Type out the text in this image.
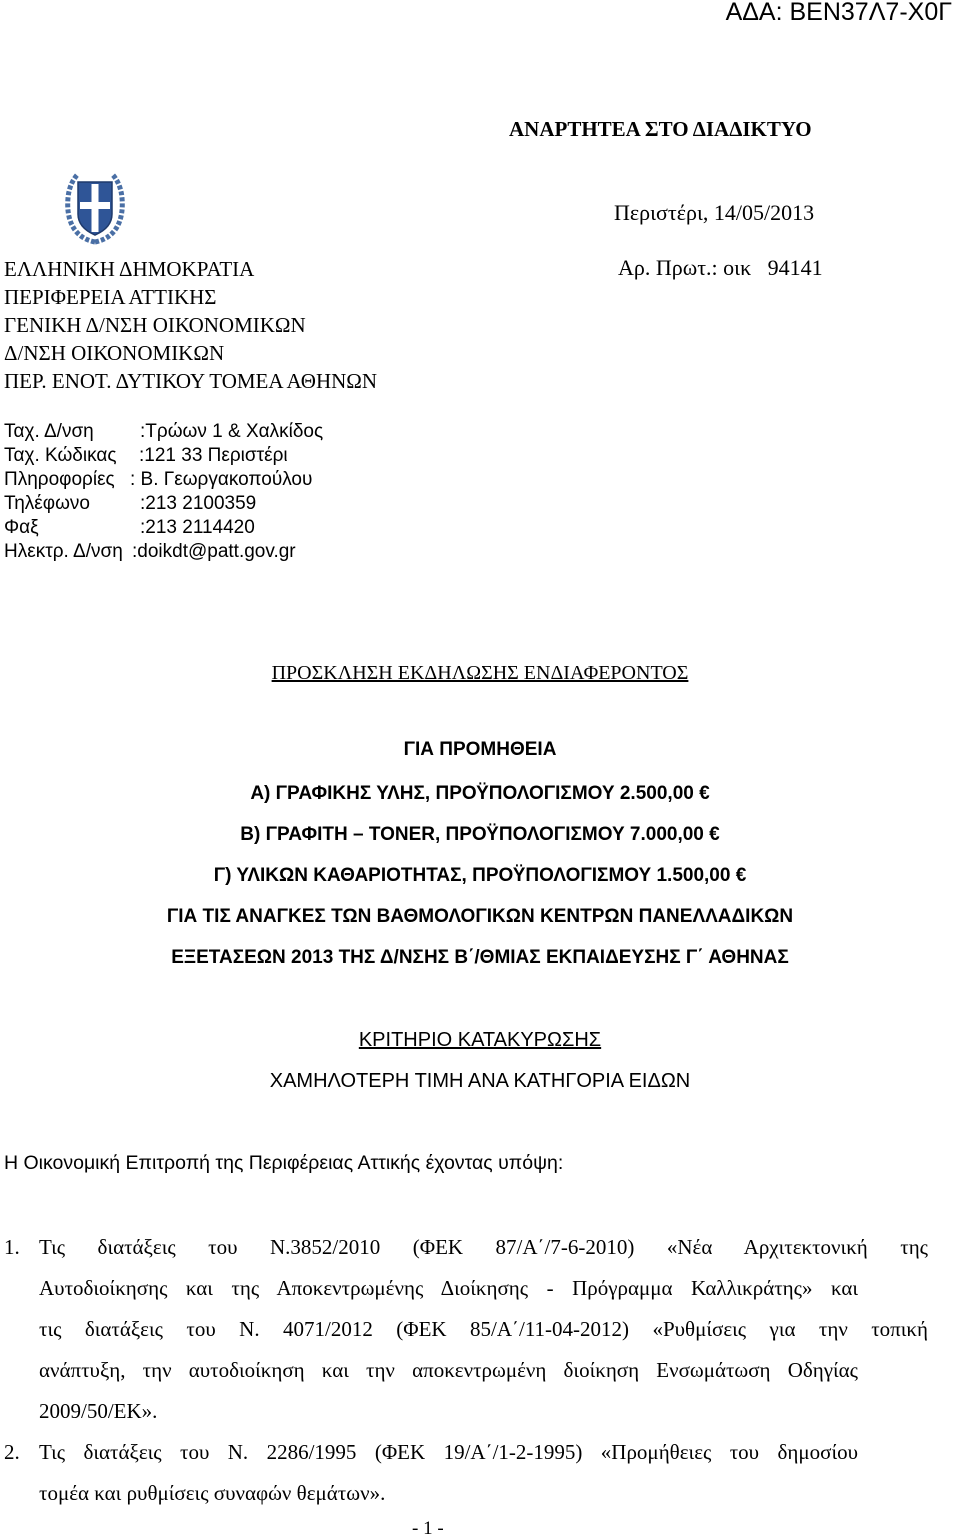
ΑΔΑ: ΒΕΝ37Λ7-Χ0Γ
ΑΝΑΡΤΗΤΕΑ ΣΤΟ ΔΙΑΔΙΚΤΥΟ
Περιστέρι, 14/05/2013
Αρ. Πρωτ.: οικ   94141
ΕΛΛΗΝΙΚΗ ΔΗΜΟΚΡΑΤΙΑ
ΠΕΡΙΦΕΡΕΙΑ ΑΤΤΙΚΗΣ
ΓΕΝΙΚΗ Δ/ΝΣΗ ΟΙΚΟΝΟΜΙΚΩΝ
Δ/ΝΣΗ ΟΙΚΟΝΟΜΙΚΩΝ
ΠΕΡ. ΕΝΟΤ. ΔΥΤΙΚΟΥ ΤΟΜΕΑ ΑΘΗΝΩΝ
Ταχ. Δ/νση :Τρώων 1 & Χαλκίδος
Ταχ. Κώδικας :121 33 Περιστέρι
Πληροφορίες : Β. Γεωργακοπούλου
Τηλέφωνο	:213 2100359
Φαξ	:213 2114420
Ηλεκτρ. Δ/νση :doikdt@patt.gov.gr
ΠΡΟΣΚΛΗΣΗ ΕΚΔΗΛΩΣΗΣ ΕΝΔΙΑΦΕΡΟΝΤΟΣ
ΓΙΑ ΠΡΟΜΗΘΕΙΑ
Α) ΓΡΑΦΙΚΗΣ ΥΛΗΣ, ΠΡΟΫΠΟΛΟΓΙΣΜΟΥ 2.500,00 €
Β) ΓΡΑΦΙΤΗ – TONER, ΠΡΟΫΠΟΛΟΓΙΣΜΟΥ 7.000,00 €
Γ) ΥΛΙΚΩΝ ΚΑΘΑΡΙΟΤΗΤΑΣ, ΠΡΟΫΠΟΛΟΓΙΣΜΟΥ 1.500,00 €
ΓΙΑ ΤΙΣ ΑΝΑΓΚΕΣ ΤΩΝ ΒΑΘΜΟΛΟΓΙΚΩΝ ΚΕΝΤΡΩΝ ΠΑΝΕΛΛΑΔΙΚΩΝ
ΕΞΕΤΑΣΕΩΝ 2013 ΤΗΣ Δ/ΝΣΗΣ Β΄/ΘΜΙΑΣ ΕΚΠΑΙΔΕΥΣΗΣ Γ΄ ΑΘΗΝΑΣ
ΚΡΙΤΗΡΙΟ ΚΑΤΑΚΥΡΩΣΗΣ
ΧΑΜΗΛΟΤΕΡΗ ΤΙΜΗ ΑΝΑ ΚΑΤΗΓΟΡΙΑ ΕΙΔΩΝ
Η Οικονομική Επιτροπή της Περιφέρειας Αττικής έχοντας υπόψη:
1. Τις διατάξεις του Ν.3852/2010 (ΦΕΚ 87/Α΄/7-6-2010) «Νέα Αρχιτεκτονική της
Αυτοδιοίκησης και της Αποκεντρωμένης Διοίκησης - Πρόγραμμα Καλλικράτης» και
τις διατάξεις του Ν. 4071/2012 (ΦΕΚ 85/Α΄/11-04-2012) «Ρυθμίσεις για την τοπική
ανάπτυξη, την αυτοδιοίκηση και την αποκεντρωμένη διοίκηση Ενσωμάτωση Οδηγίας
2009/50/ΕΚ».
2. Τις διατάξεις του Ν. 2286/1995 (ΦΕΚ 19/Α΄/1-2-1995) «Προμήθειες του δημοσίου
τομέα και ρυθμίσεις συναφών θεμάτων».
- 1 -
